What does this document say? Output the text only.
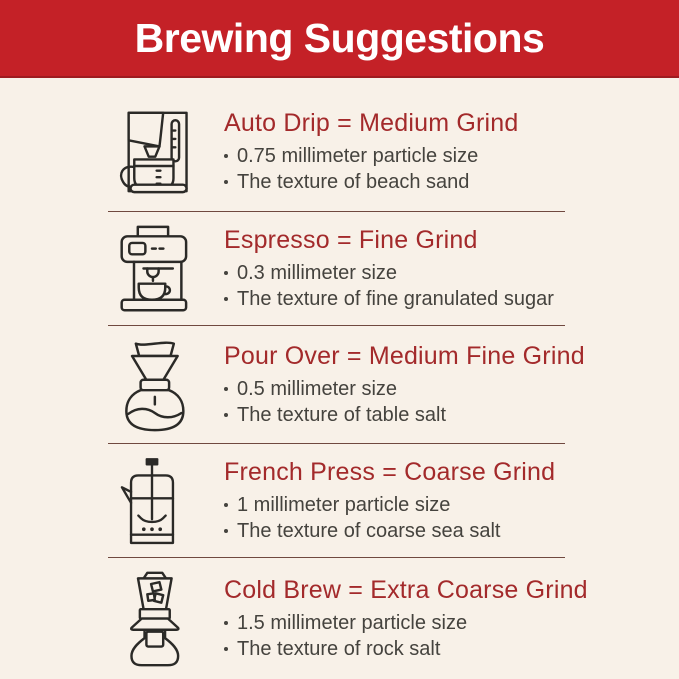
Brewing Suggestions
Auto Drip = Medium Grind
0.75 millimeter particle size
The texture of beach sand
Espresso = Fine Grind
0.3 millimeter size
The texture of fine granulated sugar
Pour Over = Medium Fine Grind
0.5 millimeter size
The texture of table salt
French Press = Coarse Grind
1 millimeter particle size
The texture of coarse sea salt
Cold Brew = Extra Coarse Grind
1.5 millimeter particle size
The texture of rock salt
